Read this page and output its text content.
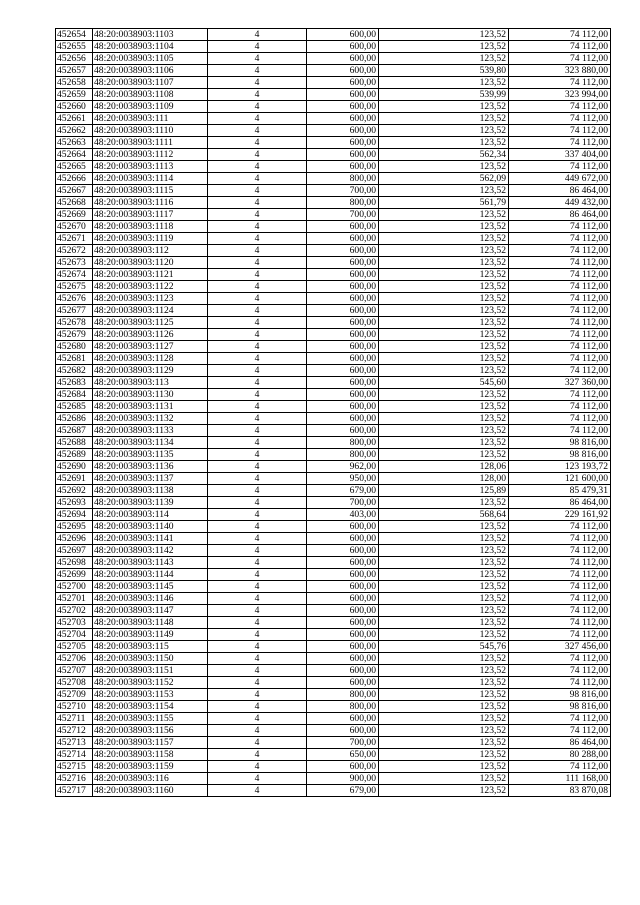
452654	48:20:0038903:1103	4	600,00	123,52	74 112,00
452655	48:20:0038903:1104	4	600,00	123,52	74 112,00
452656	48:20:0038903:1105	4	600,00	123,52	74 112,00
452657	48:20:0038903:1106	4	600,00	539,80	323 880,00
452658	48:20:0038903:1107	4	600,00	123,52	74 112,00
452659	48:20:0038903:1108	4	600,00	539,99	323 994,00
452660	48:20:0038903:1109	4	600,00	123,52	74 112,00
452661	48:20:0038903:111	4	600,00	123,52	74 112,00
452662	48:20:0038903:1110	4	600,00	123,52	74 112,00
452663	48:20:0038903:1111	4	600,00	123,52	74 112,00
452664	48:20:0038903:1112	4	600,00	562,34	337 404,00
452665	48:20:0038903:1113	4	600,00	123,52	74 112,00
452666	48:20:0038903:1114	4	800,00	562,09	449 672,00
452667	48:20:0038903:1115	4	700,00	123,52	86 464,00
452668	48:20:0038903:1116	4	800,00	561,79	449 432,00
452669	48:20:0038903:1117	4	700,00	123,52	86 464,00
452670	48:20:0038903:1118	4	600,00	123,52	74 112,00
452671	48:20:0038903:1119	4	600,00	123,52	74 112,00
452672	48:20:0038903:112	4	600,00	123,52	74 112,00
452673	48:20:0038903:1120	4	600,00	123,52	74 112,00
452674	48:20:0038903:1121	4	600,00	123,52	74 112,00
452675	48:20:0038903:1122	4	600,00	123,52	74 112,00
452676	48:20:0038903:1123	4	600,00	123,52	74 112,00
452677	48:20:0038903:1124	4	600,00	123,52	74 112,00
452678	48:20:0038903:1125	4	600,00	123,52	74 112,00
452679	48:20:0038903:1126	4	600,00	123,52	74 112,00
452680	48:20:0038903:1127	4	600,00	123,52	74 112,00
452681	48:20:0038903:1128	4	600,00	123,52	74 112,00
452682	48:20:0038903:1129	4	600,00	123,52	74 112,00
452683	48:20:0038903:113	4	600,00	545,60	327 360,00
452684	48:20:0038903:1130	4	600,00	123,52	74 112,00
452685	48:20:0038903:1131	4	600,00	123,52	74 112,00
452686	48:20:0038903:1132	4	600,00	123,52	74 112,00
452687	48:20:0038903:1133	4	600,00	123,52	74 112,00
452688	48:20:0038903:1134	4	800,00	123,52	98 816,00
452689	48:20:0038903:1135	4	800,00	123,52	98 816,00
452690	48:20:0038903:1136	4	962,00	128,06	123 193,72
452691	48:20:0038903:1137	4	950,00	128,00	121 600,00
452692	48:20:0038903:1138	4	679,00	125,89	85 479,31
452693	48:20:0038903:1139	4	700,00	123,52	86 464,00
452694	48:20:0038903:114	4	403,00	568,64	229 161,92
452695	48:20:0038903:1140	4	600,00	123,52	74 112,00
452696	48:20:0038903:1141	4	600,00	123,52	74 112,00
452697	48:20:0038903:1142	4	600,00	123,52	74 112,00
452698	48:20:0038903:1143	4	600,00	123,52	74 112,00
452699	48:20:0038903:1144	4	600,00	123,52	74 112,00
452700	48:20:0038903:1145	4	600,00	123,52	74 112,00
452701	48:20:0038903:1146	4	600,00	123,52	74 112,00
452702	48:20:0038903:1147	4	600,00	123,52	74 112,00
452703	48:20:0038903:1148	4	600,00	123,52	74 112,00
452704	48:20:0038903:1149	4	600,00	123,52	74 112,00
452705	48:20:0038903:115	4	600,00	545,76	327 456,00
452706	48:20:0038903:1150	4	600,00	123,52	74 112,00
452707	48:20:0038903:1151	4	600,00	123,52	74 112,00
452708	48:20:0038903:1152	4	600,00	123,52	74 112,00
452709	48:20:0038903:1153	4	800,00	123,52	98 816,00
452710	48:20:0038903:1154	4	800,00	123,52	98 816,00
452711	48:20:0038903:1155	4	600,00	123,52	74 112,00
452712	48:20:0038903:1156	4	600,00	123,52	74 112,00
452713	48:20:0038903:1157	4	700,00	123,52	86 464,00
452714	48:20:0038903:1158	4	650,00	123,52	80 288,00
452715	48:20:0038903:1159	4	600,00	123,52	74 112,00
452716	48:20:0038903:116	4	900,00	123,52	111 168,00
452717	48:20:0038903:1160	4	679,00	123,52	83 870,08
